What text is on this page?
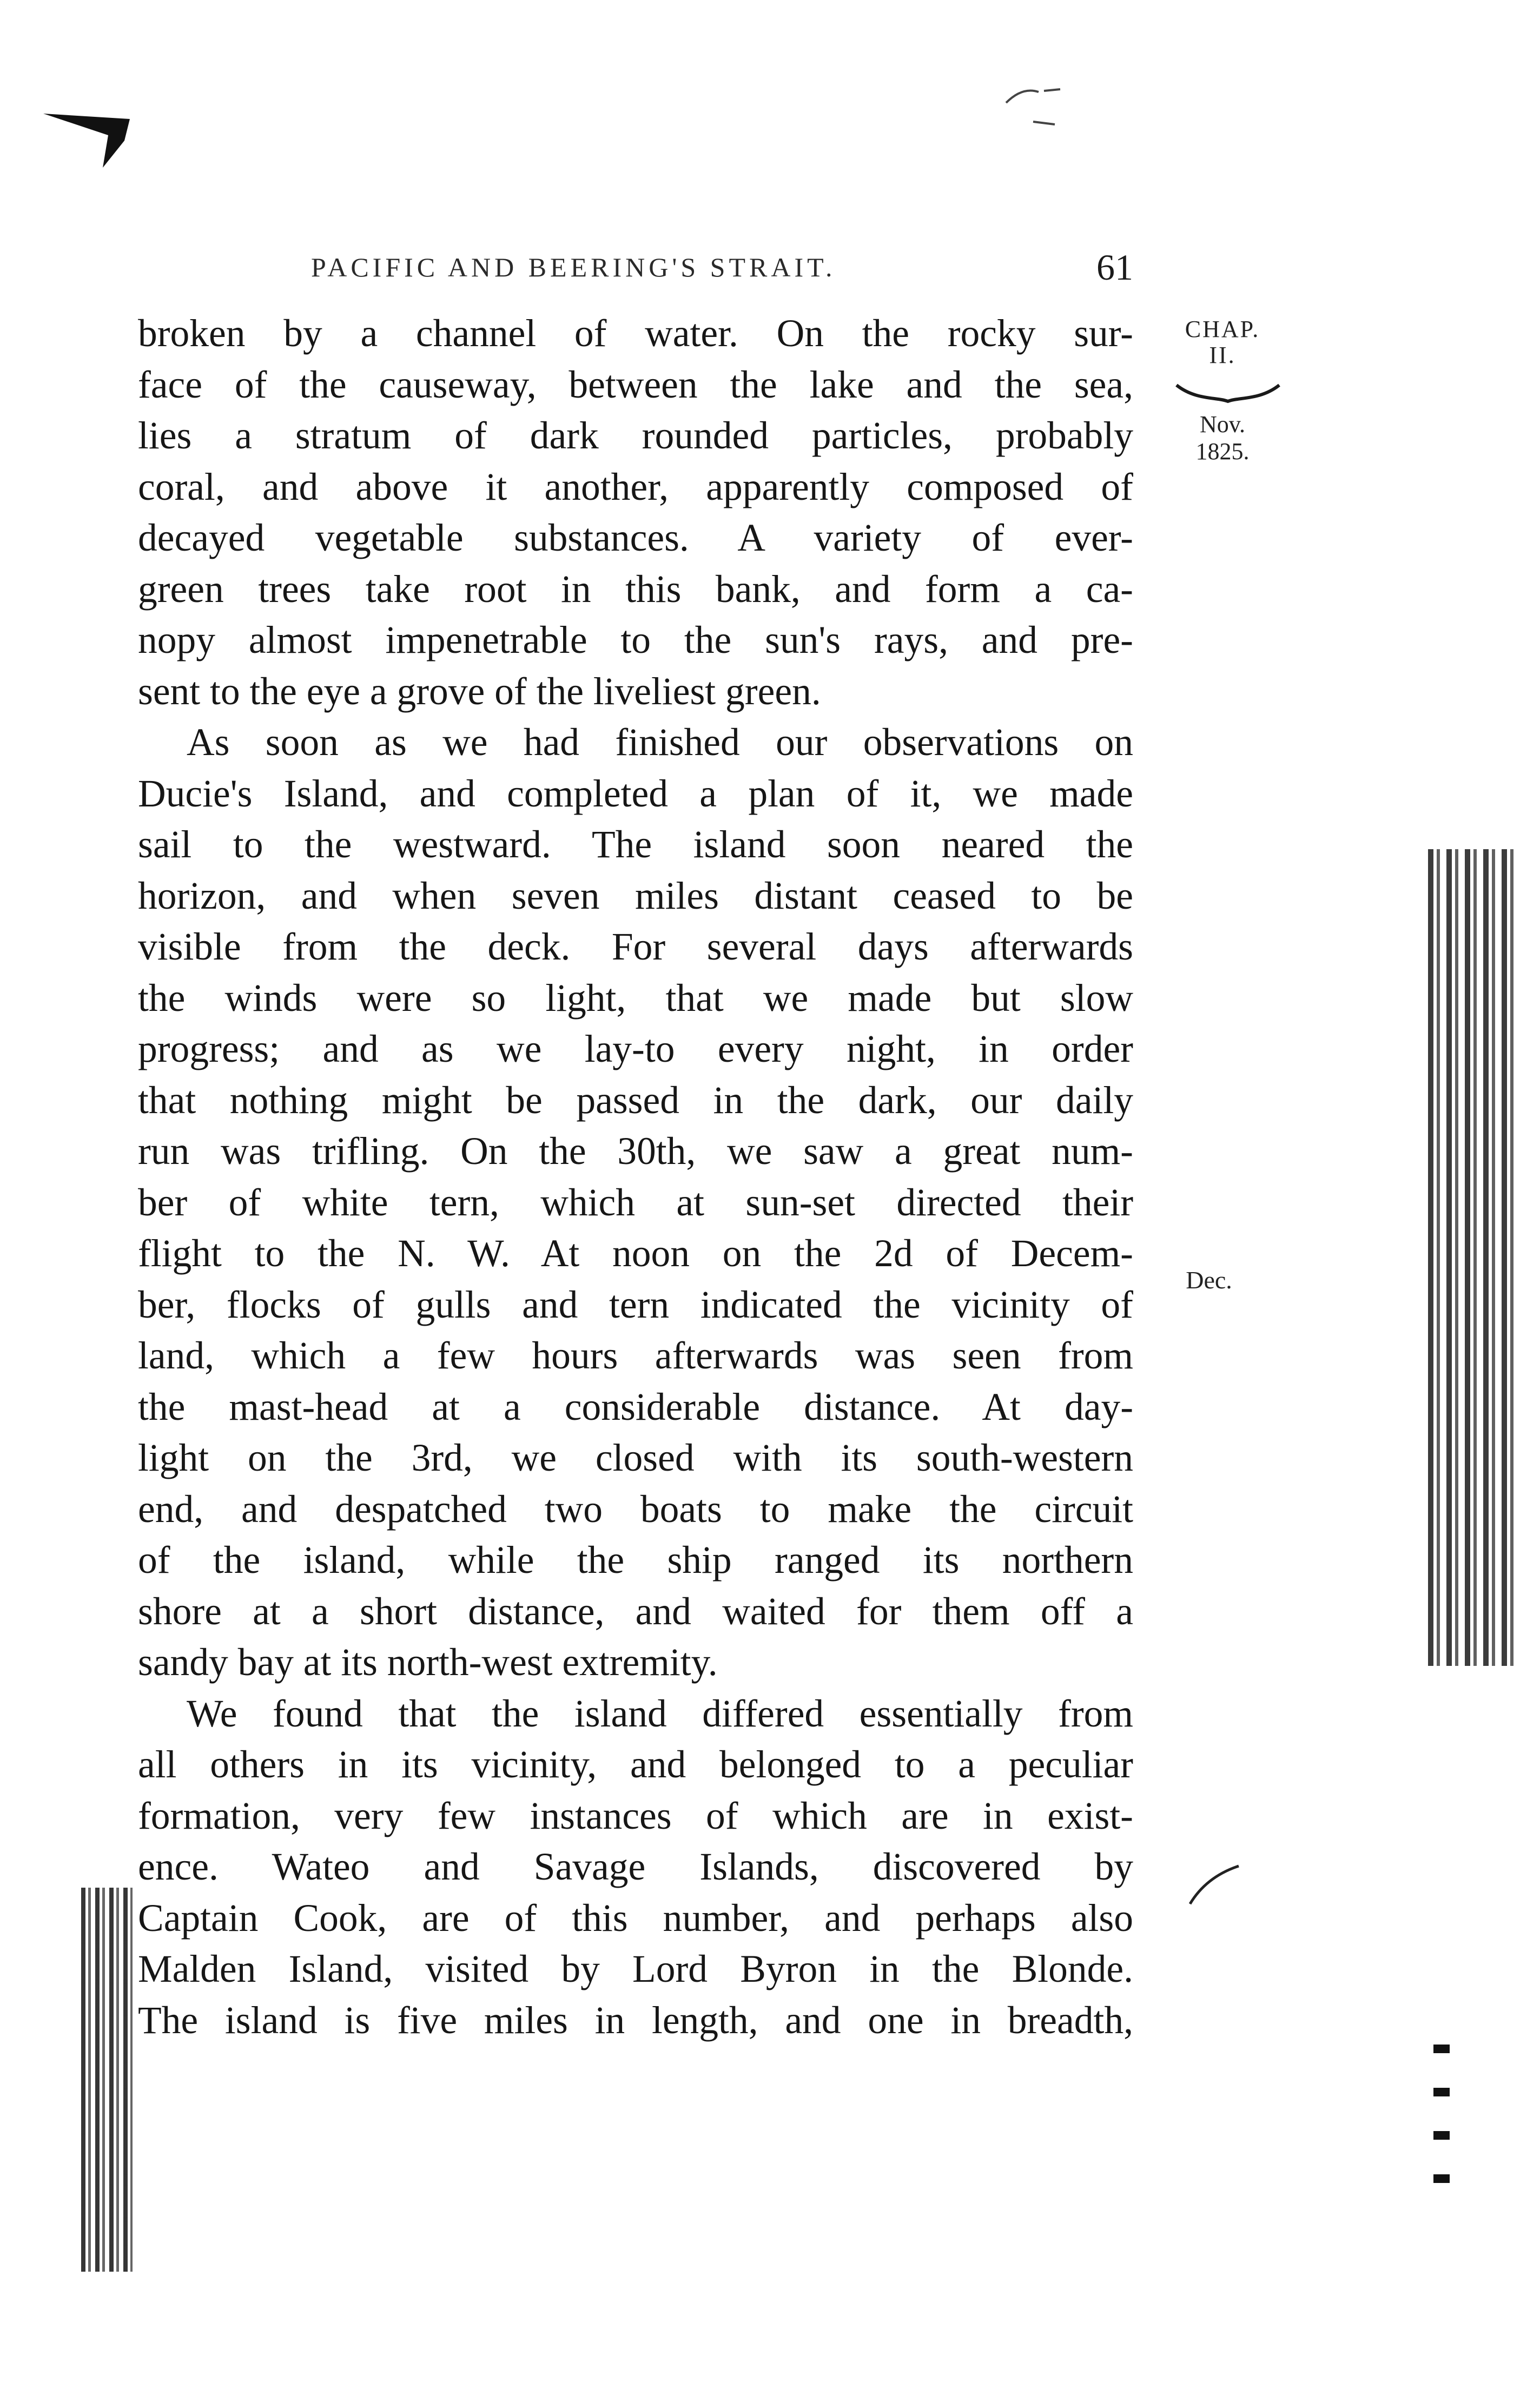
PACIFIC AND BEERING'S STRAIT.	61
CHAP.
II.
Nov.
1825.
Dec.

broken by a channel of water. On the rocky sur-
face of the causeway, between the lake and the sea,
lies a stratum of dark rounded particles, probably
coral, and above it another, apparently composed of
decayed vegetable substances. A variety of ever-
green trees take root in this bank, and form a ca-
nopy almost impenetrable to the sun's rays, and pre-
sent to the eye a grove of the liveliest green.

As soon as we had finished our observations on
Ducie's Island, and completed a plan of it, we made
sail to the westward. The island soon neared the
horizon, and when seven miles distant ceased to be
visible from the deck. For several days afterwards
the winds were so light, that we made but slow
progress; and as we lay-to every night, in order
that nothing might be passed in the dark, our daily
run was trifling. On the 30th, we saw a great num-
ber of white tern, which at sun-set directed their
flight to the N. W. At noon on the 2d of Decem-
ber, flocks of gulls and tern indicated the vicinity of
land, which a few hours afterwards was seen from
the mast-head at a considerable distance. At day-
light on the 3rd, we closed with its south-western
end, and despatched two boats to make the circuit
of the island, while the ship ranged its northern
shore at a short distance, and waited for them off a
sandy bay at its north-west extremity.

We found that the island differed essentially from
all others in its vicinity, and belonged to a peculiar
formation, very few instances of which are in exist-
ence. Wateo and Savage Islands, discovered by
Captain Cook, are of this number, and perhaps also
Malden Island, visited by Lord Byron in the Blonde.
The island is five miles in length, and one in breadth,
